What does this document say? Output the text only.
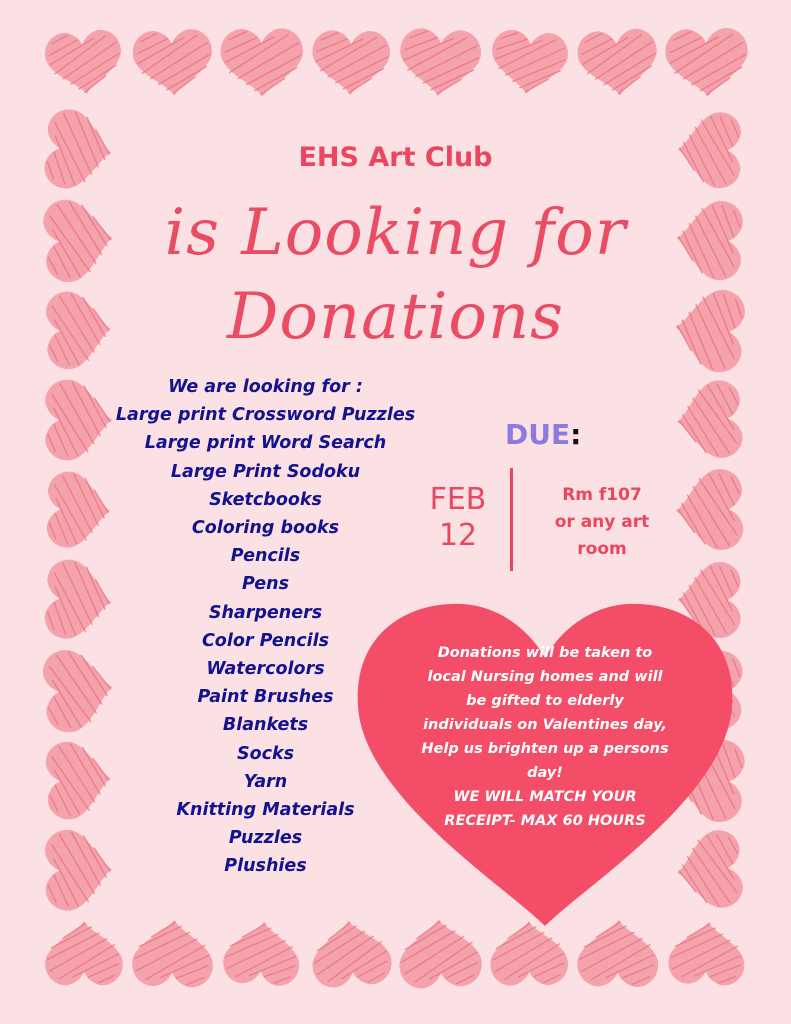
EHS Art Club
is Looking for
Donations
We are looking for :
Large print Crossword Puzzles
Large print Word Search
Large Print Sodoku
Sketcbooks
Coloring books
Pencils
Pens
Sharpeners
Color Pencils
Watercolors
Paint Brushes
Blankets
Socks
Yarn
Knitting Materials
Puzzles
Plushies
DUE:
FEB
12
Rm f107
or any art
room
Donations will be taken to
local Nursing homes and will
be gifted to elderly
individuals on Valentines day,
Help us brighten up a persons
day!
WE WILL MATCH YOUR
RECEIPT- MAX 60 HOURS
